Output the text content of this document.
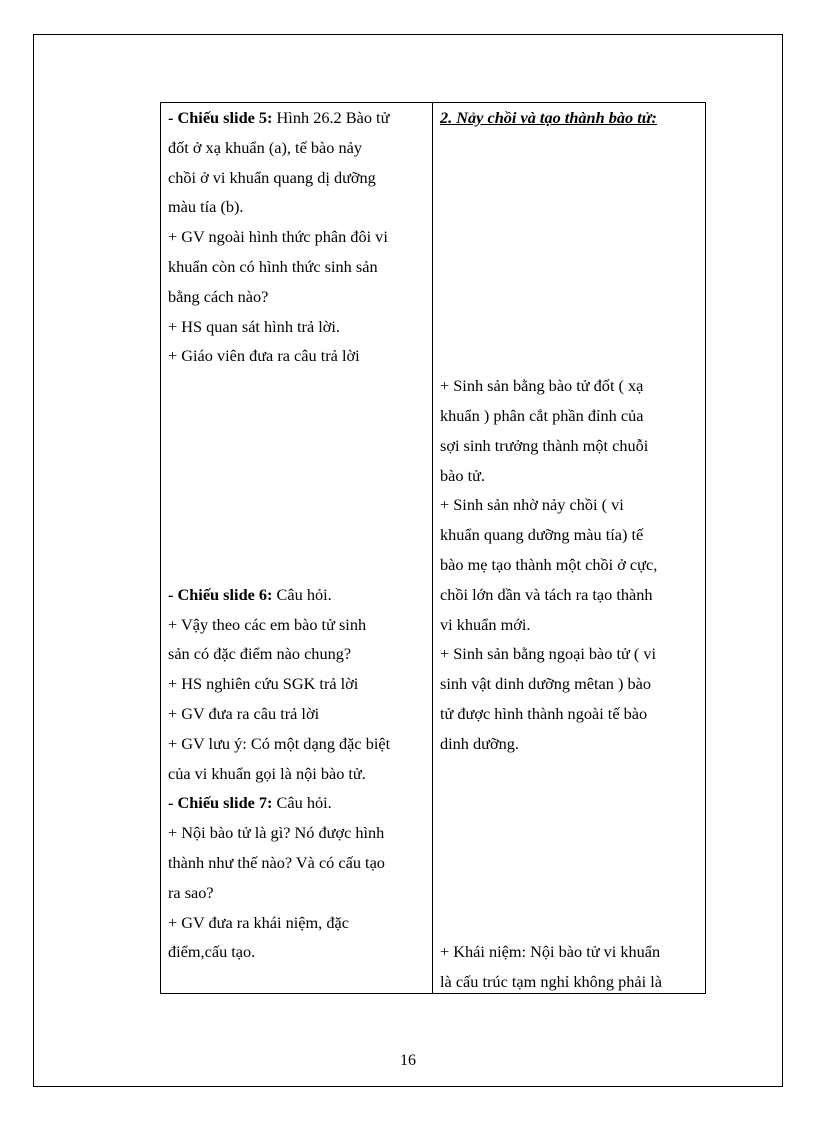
- Chiếu slide 5: Hình 26.2 Bào tử
đốt ở xạ khuẩn (a), tế bào nảy
chồi ở vi khuẩn quang dị dưỡng
màu tía (b).
+ GV ngoài hình thức phân đôi vi
khuẩn còn có hình thức sinh sản
bằng cách nào?
+ HS quan sát hình trả lời.
+ Giáo viên đưa ra câu trả lời
- Chiếu slide 6: Câu hỏi.
+ Vậy theo các em bào tử sinh
sản có đặc điểm nào chung?
+ HS nghiên cứu SGK trả lời
+ GV đưa ra câu trả lời
+ GV lưu ý: Có một dạng đặc biệt
của vi khuẩn gọi là nội bào tử.
- Chiếu slide 7: Câu hỏi.
+ Nội bào tử là gì? Nó được hình
thành như thế nào? Và có cấu tạo
ra sao?
+ GV đưa ra khái niệm, đặc
điểm,cấu tạo.
2. Nảy chồi và tạo thành bào tử:
+ Sinh sản bằng bào tử đốt ( xạ
khuẩn ) phân cắt phần đỉnh của
sợi sinh trưởng thành một chuỗi
bào tử.
+ Sinh sản nhờ nảy chồi ( vi
khuẩn quang dưỡng màu tía) tế
bào mẹ tạo thành một chồi ở cực,
chồi lớn dần và tách ra tạo thành
vi khuẩn mới.
+ Sinh sản bằng ngoại bào tử ( vi
sinh vật dinh dưỡng mêtan ) bào
tử được hình thành ngoài tế bào
dinh dưỡng.
+ Khái niệm: Nội bào tử vi khuẩn
là cấu trúc tạm nghỉ không phải là
16
